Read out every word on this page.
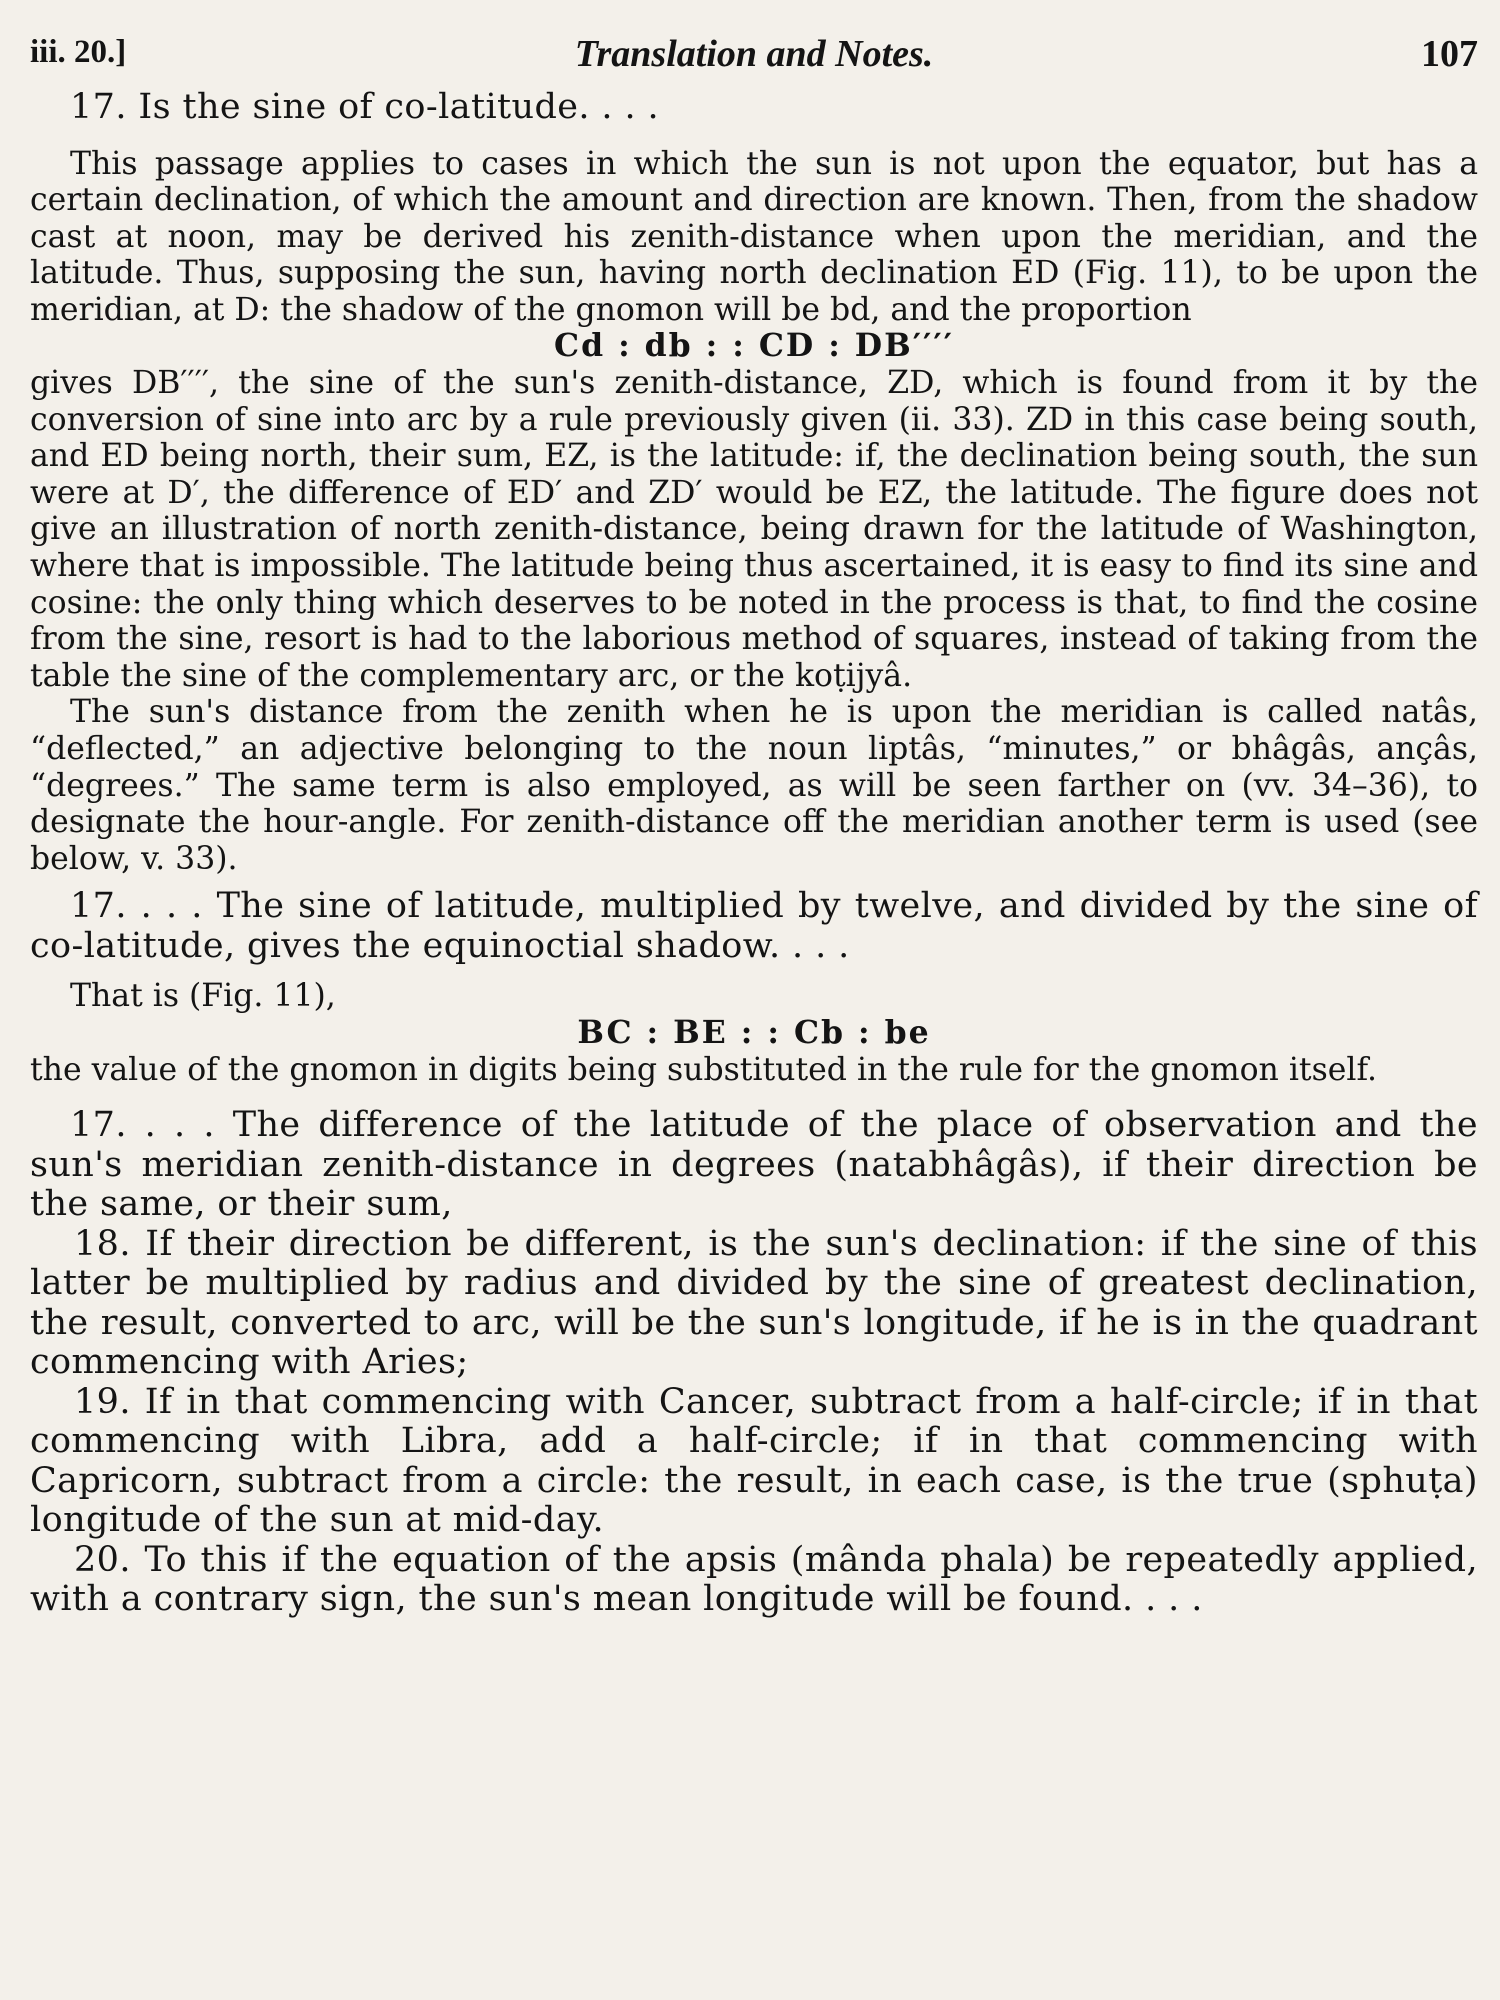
iii. 20.]	Translation and Notes.	107

17. Is the sine of co-latitude. . . .

This passage applies to cases in which the sun is not upon the equator, but has a certain declination, of which the amount and direction are known. Then, from the shadow cast at noon, may be derived his zenith-distance when upon the meridian, and the latitude. Thus, supposing the sun, having north declination ED (Fig. 11), to be upon the meridian, at D: the shadow of the gnomon will be bd, and the proportion

Cd : db : : CD : DB′′′′

gives DB′′′′, the sine of the sun's zenith-distance, ZD, which is found from it by the conversion of sine into arc by a rule previously given (ii. 33). ZD in this case being south, and ED being north, their sum, EZ, is the latitude: if, the declination being south, the sun were at D′, the difference of ED′ and ZD′ would be EZ, the latitude. The figure does not give an illustration of north zenith-distance, being drawn for the latitude of Washington, where that is impossible. The latitude being thus ascertained, it is easy to find its sine and cosine: the only thing which deserves to be noted in the process is that, to find the cosine from the sine, resort is had to the laborious method of squares, instead of taking from the table the sine of the complementary arc, or the koṭijyâ.

The sun's distance from the zenith when he is upon the meridian is called natâs, “deflected,” an adjective belonging to the noun liptâs, “minutes,” or bhâgâs, ançâs, “degrees.” The same term is also employed, as will be seen farther on (vv. 34–36), to designate the hour-angle. For zenith-distance off the meridian another term is used (see below, v. 33).

17. . . . The sine of latitude, multiplied by twelve, and divided by the sine of co-latitude, gives the equinoctial shadow. . . .

That is (Fig. 11),

BC : BE : : Cb : be

the value of the gnomon in digits being substituted in the rule for the gnomon itself.

17. . . . The difference of the latitude of the place of observation and the sun's meridian zenith-distance in degrees (natabhâgâs), if their direction be the same, or their sum,

18. If their direction be different, is the sun's declination: if the sine of this latter be multiplied by radius and divided by the sine of greatest declination, the result, converted to arc, will be the sun's longitude, if he is in the quadrant commencing with Aries;

19. If in that commencing with Cancer, subtract from a half-circle; if in that commencing with Libra, add a half-circle; if in that commencing with Capricorn, subtract from a circle: the result, in each case, is the true (sphuṭa) longitude of the sun at mid-day.

20. To this if the equation of the apsis (mânda phala) be repeatedly applied, with a contrary sign, the sun's mean longitude will be found. . . .
